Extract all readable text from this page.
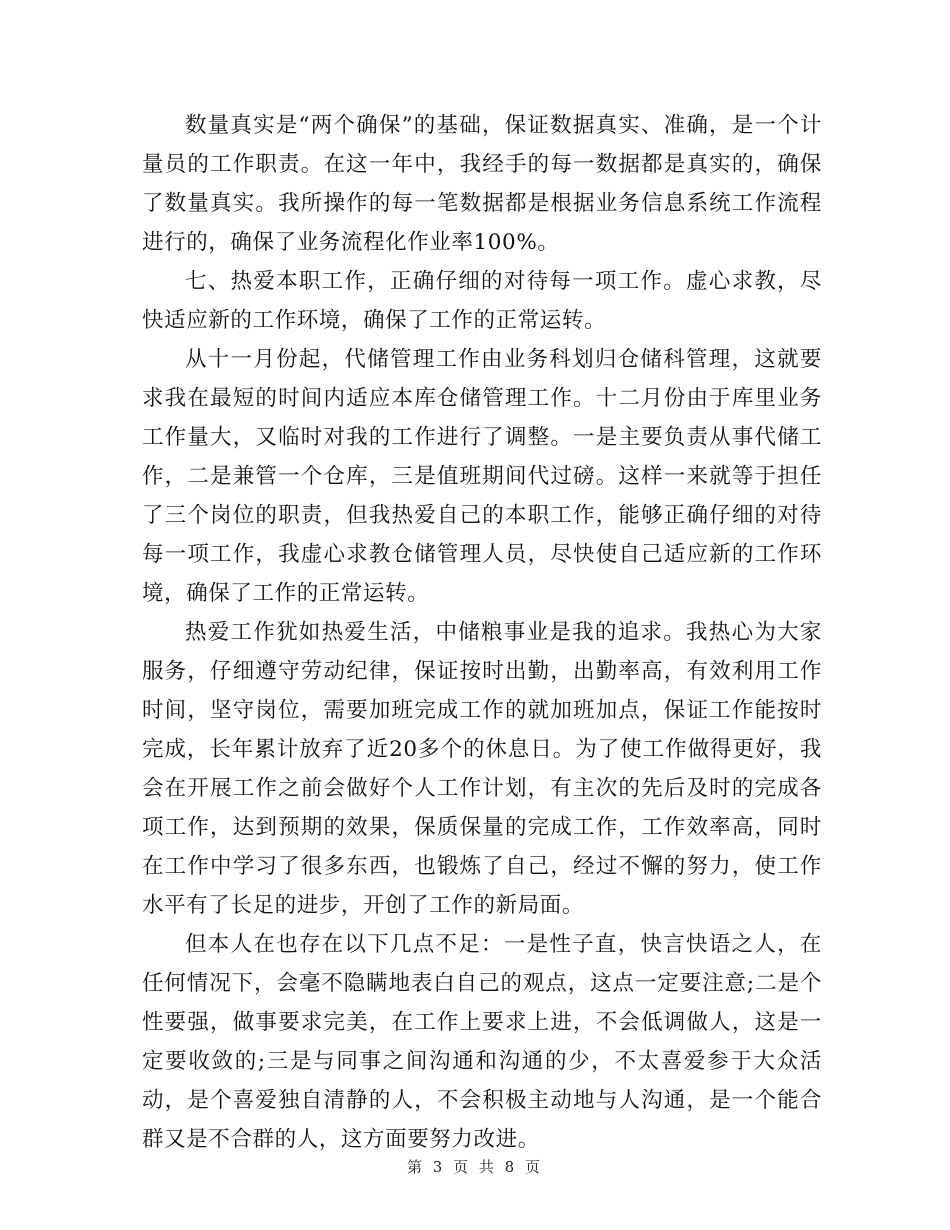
数量真实是“两个确保”的基础，保证数据真实、准确，是一个计量员的工作职责。在这一年中，我经手的每一数据都是真实的，确保了数量真实。我所操作的每一笔数据都是根据业务信息系统工作流程进行的，确保了业务流程化作业率100%。

七、热爱本职工作，正确仔细的对待每一项工作。虚心求教，尽快适应新的工作环境，确保了工作的正常运转。

从十一月份起，代储管理工作由业务科划归仓储科管理，这就要求我在最短的时间内适应本库仓储管理工作。十二月份由于库里业务工作量大，又临时对我的工作进行了调整。一是主要负责从事代储工作，二是兼管一个仓库，三是值班期间代过磅。这样一来就等于担任了三个岗位的职责，但我热爱自己的本职工作，能够正确仔细的对待每一项工作，我虚心求教仓储管理人员，尽快使自己适应新的工作环境，确保了工作的正常运转。

热爱工作犹如热爱生活，中储粮事业是我的追求。我热心为大家服务，仔细遵守劳动纪律，保证按时出勤，出勤率高，有效利用工作时间，坚守岗位，需要加班完成工作的就加班加点，保证工作能按时完成，长年累计放弃了近20多个的休息日。为了使工作做得更好，我会在开展工作之前会做好个人工作计划，有主次的先后及时的完成各项工作，达到预期的效果，保质保量的完成工作，工作效率高，同时在工作中学习了很多东西，也锻炼了自己，经过不懈的努力，使工作水平有了长足的进步，开创了工作的新局面。

但本人在也存在以下几点不足：一是性子直，快言快语之人，在任何情况下，会毫不隐瞒地表白自己的观点，这点一定要注意;二是个性要强，做事要求完美，在工作上要求上进，不会低调做人，这是一定要收敛的;三是与同事之间沟通和沟通的少，不太喜爱参于大众活动，是个喜爱独自清静的人，不会积极主动地与人沟通，是一个能合群又是不合群的人，这方面要努力改进。

第 3 页 共 8 页
